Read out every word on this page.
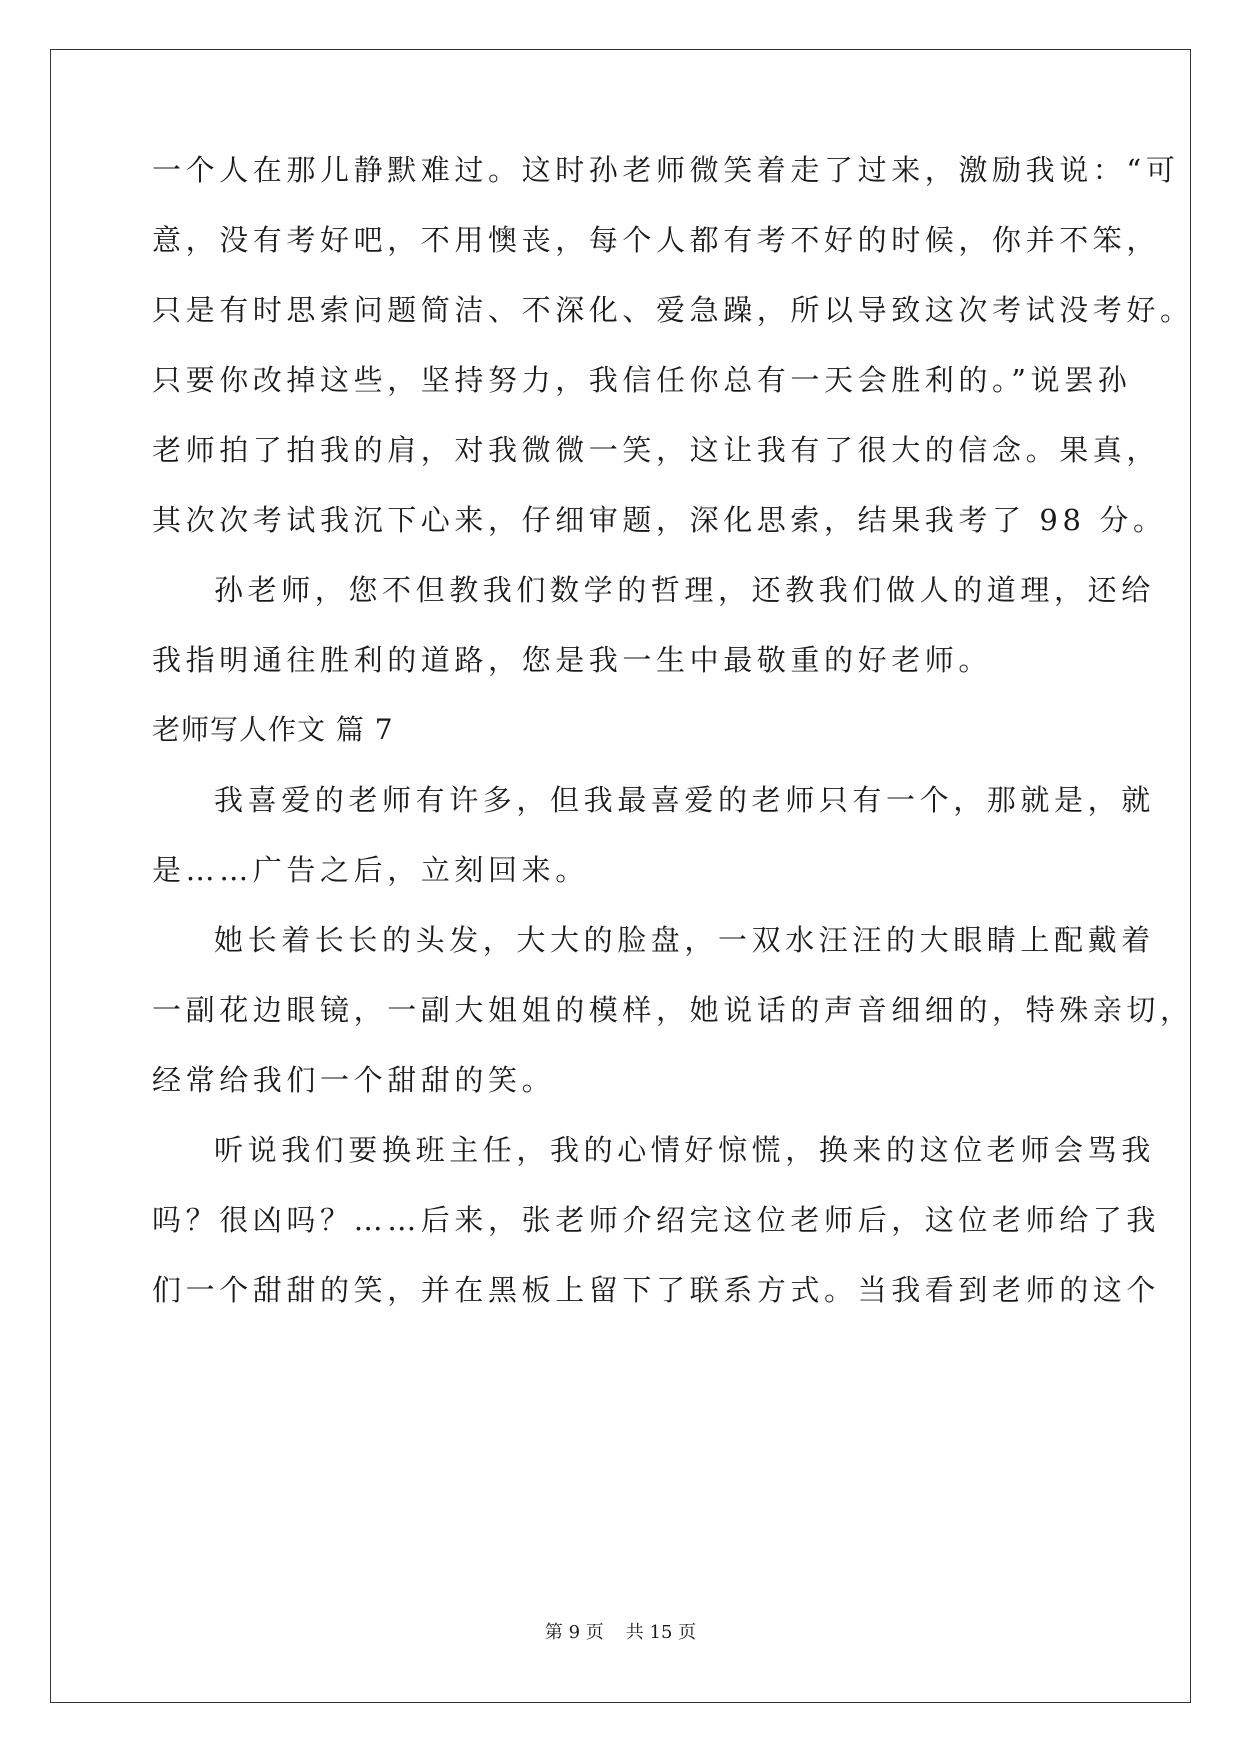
一个人在那儿静默难过。这时孙老师微笑着走了过来，激励我说：“可
意，没有考好吧，不用懊丧，每个人都有考不好的时候，你并不笨，
只是有时思索问题简洁、不深化、爱急躁，所以导致这次考试没考好。
只要你改掉这些，坚持努力，我信任你总有一天会胜利的。”说罢孙
老师拍了拍我的肩，对我微微一笑，这让我有了很大的信念。果真，
其次次考试我沉下心来，仔细审题，深化思索，结果我考了 98 分。
孙老师，您不但教我们数学的哲理，还教我们做人的道理，还给
我指明通往胜利的道路，您是我一生中最敬重的好老师。
老师写人作文 篇 7
我喜爱的老师有许多，但我最喜爱的老师只有一个，那就是，就
是……广告之后，立刻回来。
她长着长长的头发，大大的脸盘，一双水汪汪的大眼睛上配戴着
一副花边眼镜，一副大姐姐的模样，她说话的声音细细的，特殊亲切，
经常给我们一个甜甜的笑。
听说我们要换班主任，我的心情好惊慌，换来的这位老师会骂我
吗？很凶吗？……后来，张老师介绍完这位老师后，这位老师给了我
们一个甜甜的笑，并在黑板上留下了联系方式。当我看到老师的这个
第 9 页 共 15 页
